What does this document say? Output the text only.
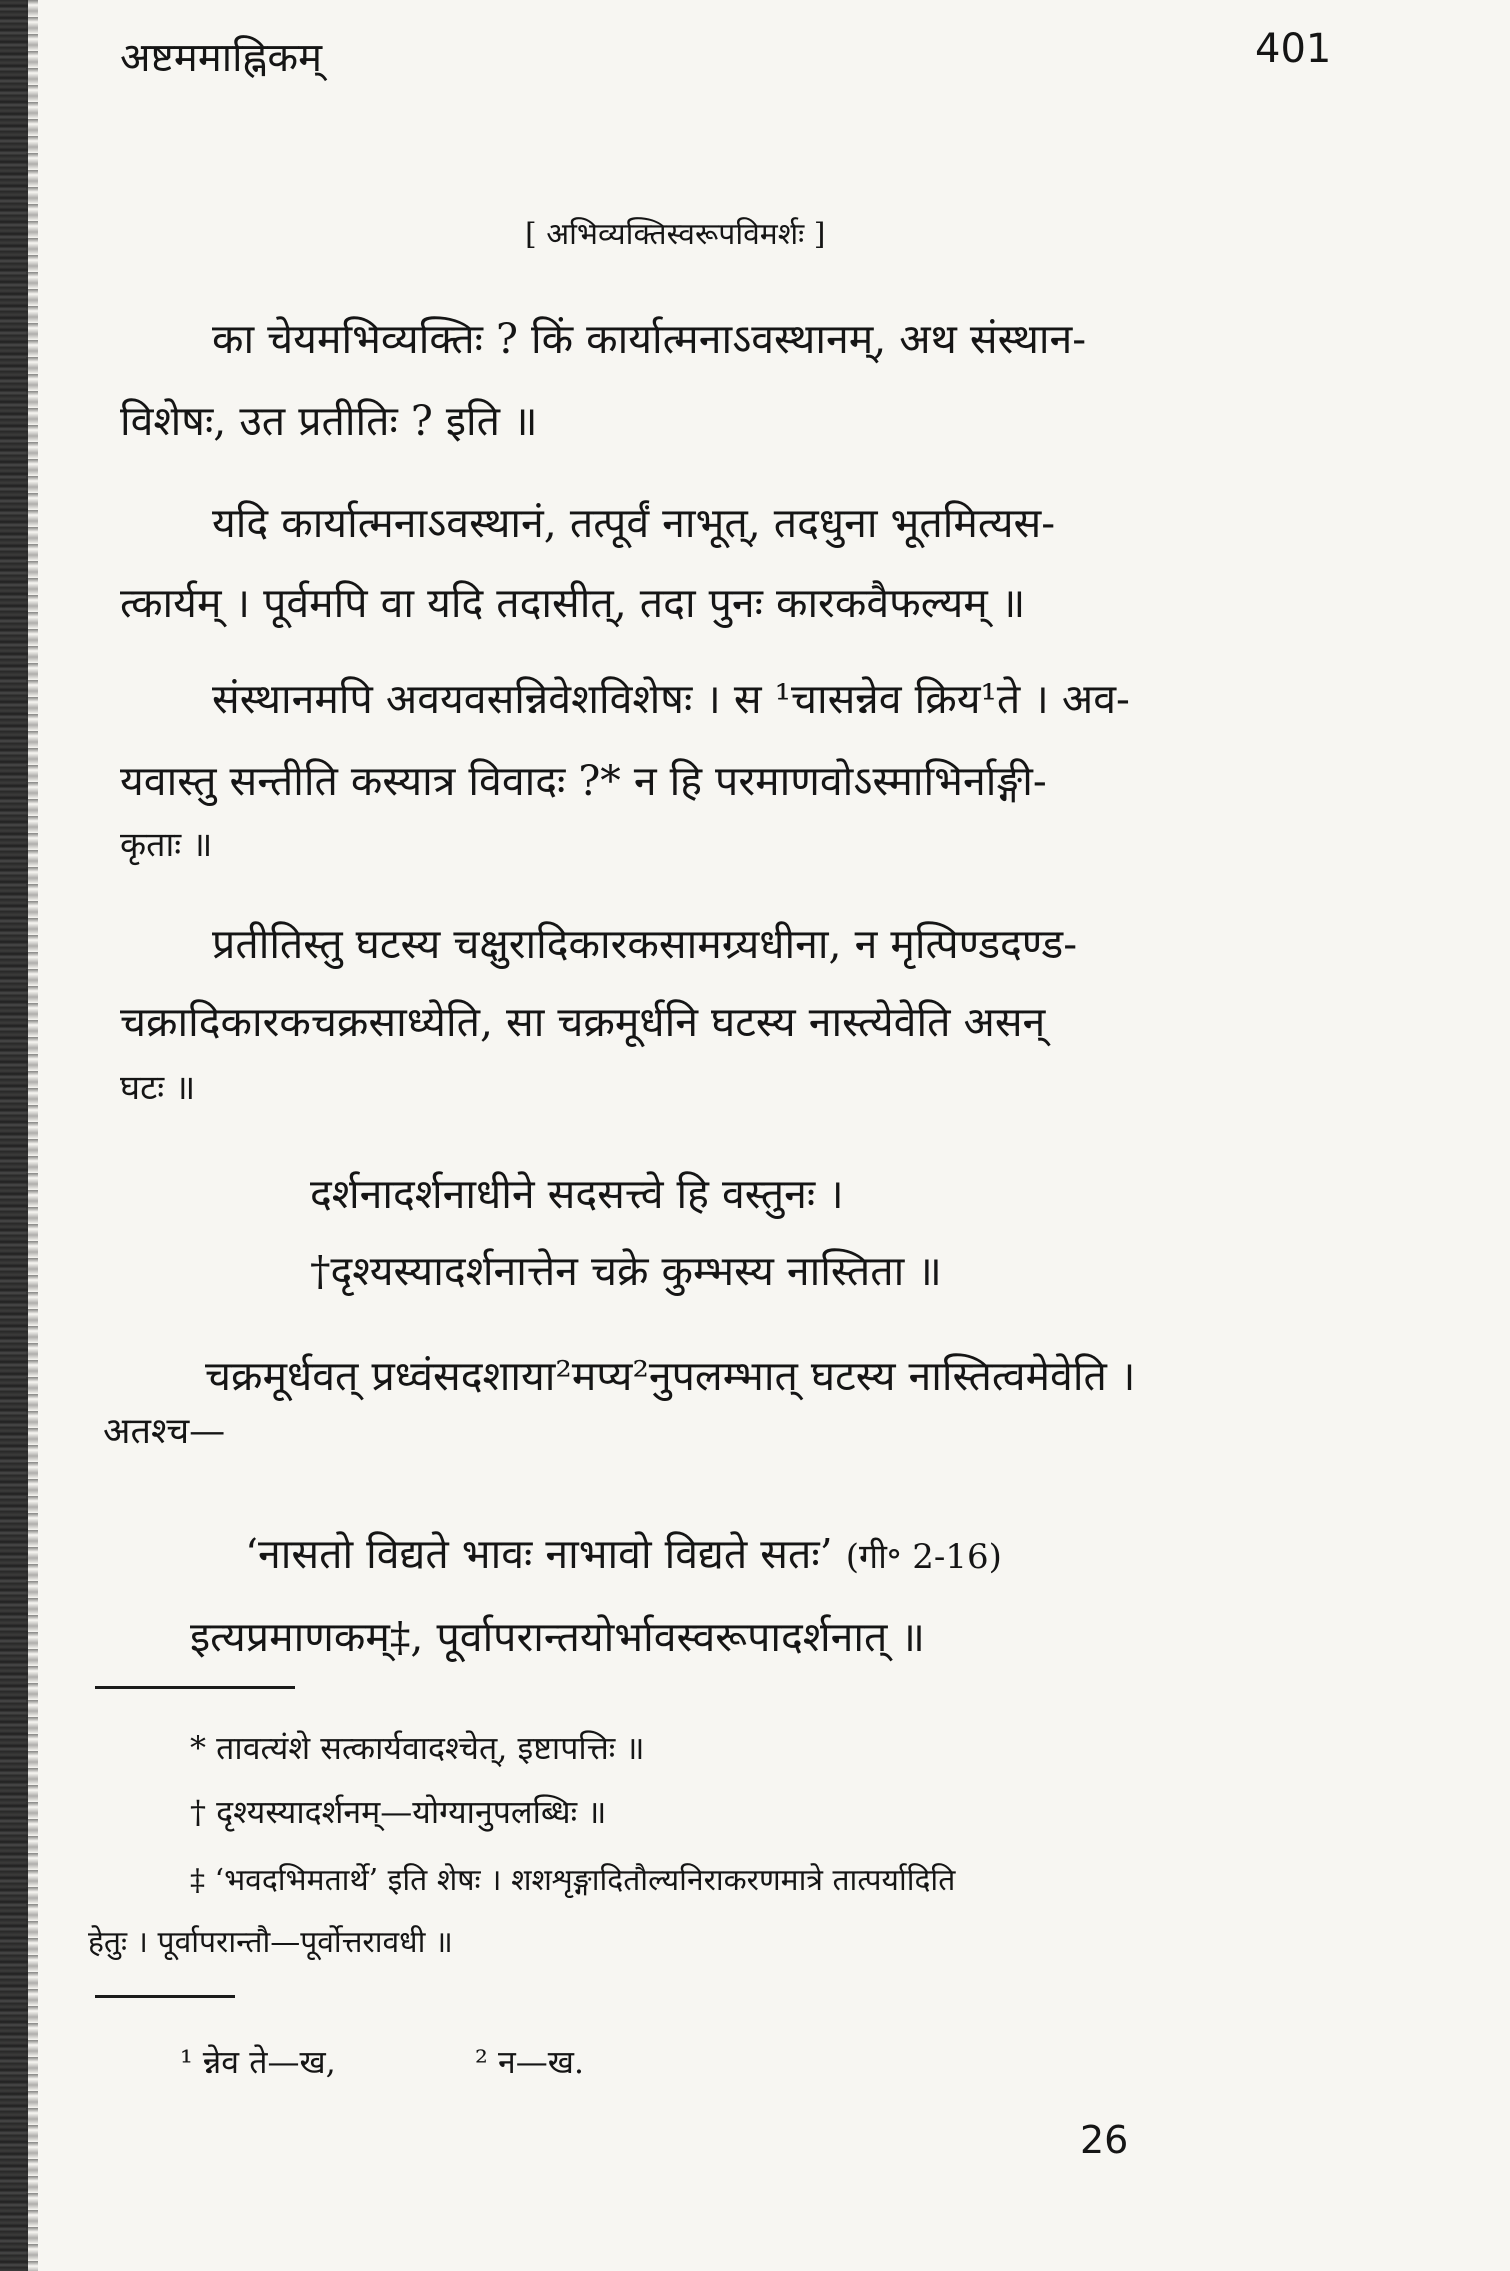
अष्टममाह्निकम्	401

[ अभिव्यक्तिस्वरूपविमर्शः ]

का चेयमभिव्यक्तिः ? किं कार्यात्मनाऽवस्थानम्, अथ संस्थान-

विशेषः, उत प्रतीतिः ? इति ॥

यदि कार्यात्मनाऽवस्थानं, तत्पूर्वं नाभूत्, तदधुना भूतमित्यस-

त्कार्यम् । पूर्वमपि वा यदि तदासीत्, तदा पुनः कारकवैफल्यम् ॥

संस्थानमपि अवयवसन्निवेशविशेषः । स ¹चासन्नेव क्रिय¹ते । अव-

यवास्तु सन्तीति कस्यात्र विवादः ?* न हि परमाणवोऽस्माभिर्नाङ्गी-

कृताः ॥

प्रतीतिस्तु घटस्य चक्षुरादिकारकसामग्र्यधीना, न मृत्पिण्डदण्ड-

चक्रादिकारकचक्रसाध्येति, सा चक्रमूर्धनि घटस्य नास्त्येवेति असन्

घटः ॥

दर्शनादर्शनाधीने सदसत्त्वे हि वस्तुनः ।

†दृश्यस्यादर्शनात्तेन चक्रे कुम्भस्य नास्तिता ॥

चक्रमूर्धवत् प्रध्वंसदशाया²मप्य²नुपलम्भात् घटस्य नास्तित्वमेवेति ।

अतश्च—

‘नासतो विद्यते भावः नाभावो विद्यते सतः’ (गी॰ 2-16)

इत्यप्रमाणकम्‡, पूर्वापरान्तयोर्भावस्वरूपादर्शनात् ॥

* तावत्यंशे सत्कार्यवादश्चेत्, इष्टापत्तिः ॥

† दृश्यस्यादर्शनम्—योग्यानुपलब्धिः ॥

‡ ‘भवदभिमतार्थे’ इति शेषः । शशशृङ्गादितौल्यनिराकरणमात्रे तात्पर्यादिति

हेतुः । पूर्वापरान्तौ—पूर्वोत्तरावधी ॥

¹ न्नेव ते—ख,	² न—ख.

26
